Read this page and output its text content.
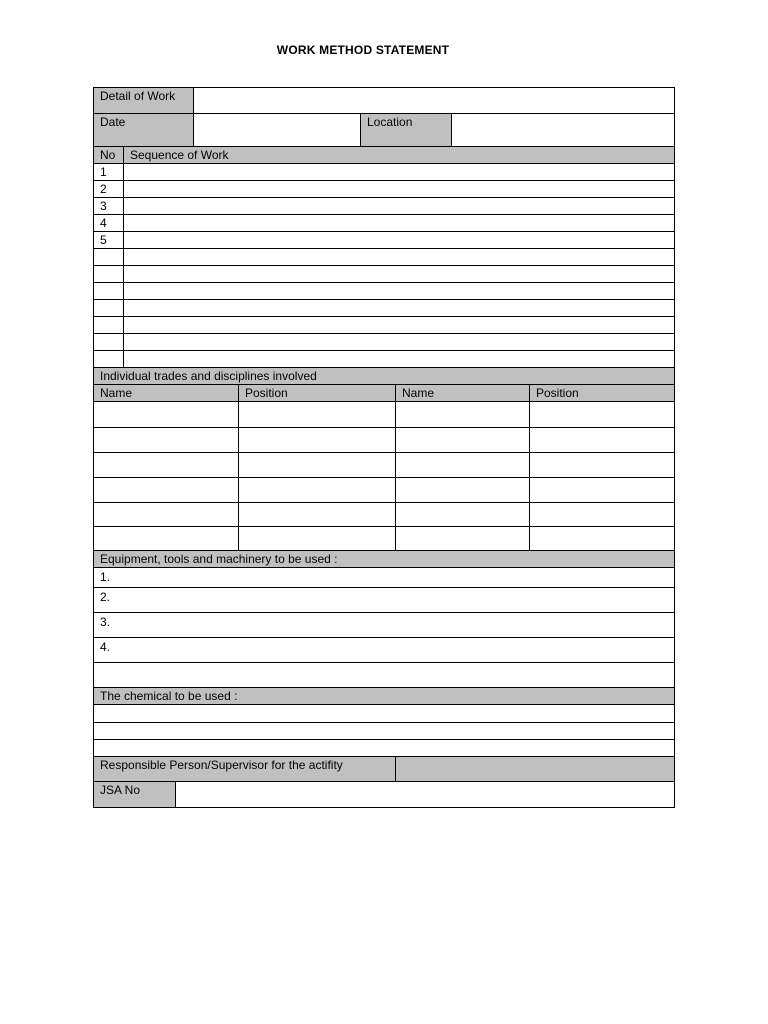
WORK METHOD STATEMENT
Detail of Work
Date	Location
No	Sequence of Work
1
2
3
4
5
Individual trades and disciplines involved
Name	Position	Name	Position
Equipment, tools and machinery to be used :
1.
2.
3.
4.
The chemical to be used :
Responsible Person/Supervisor for the actifity
JSA No
